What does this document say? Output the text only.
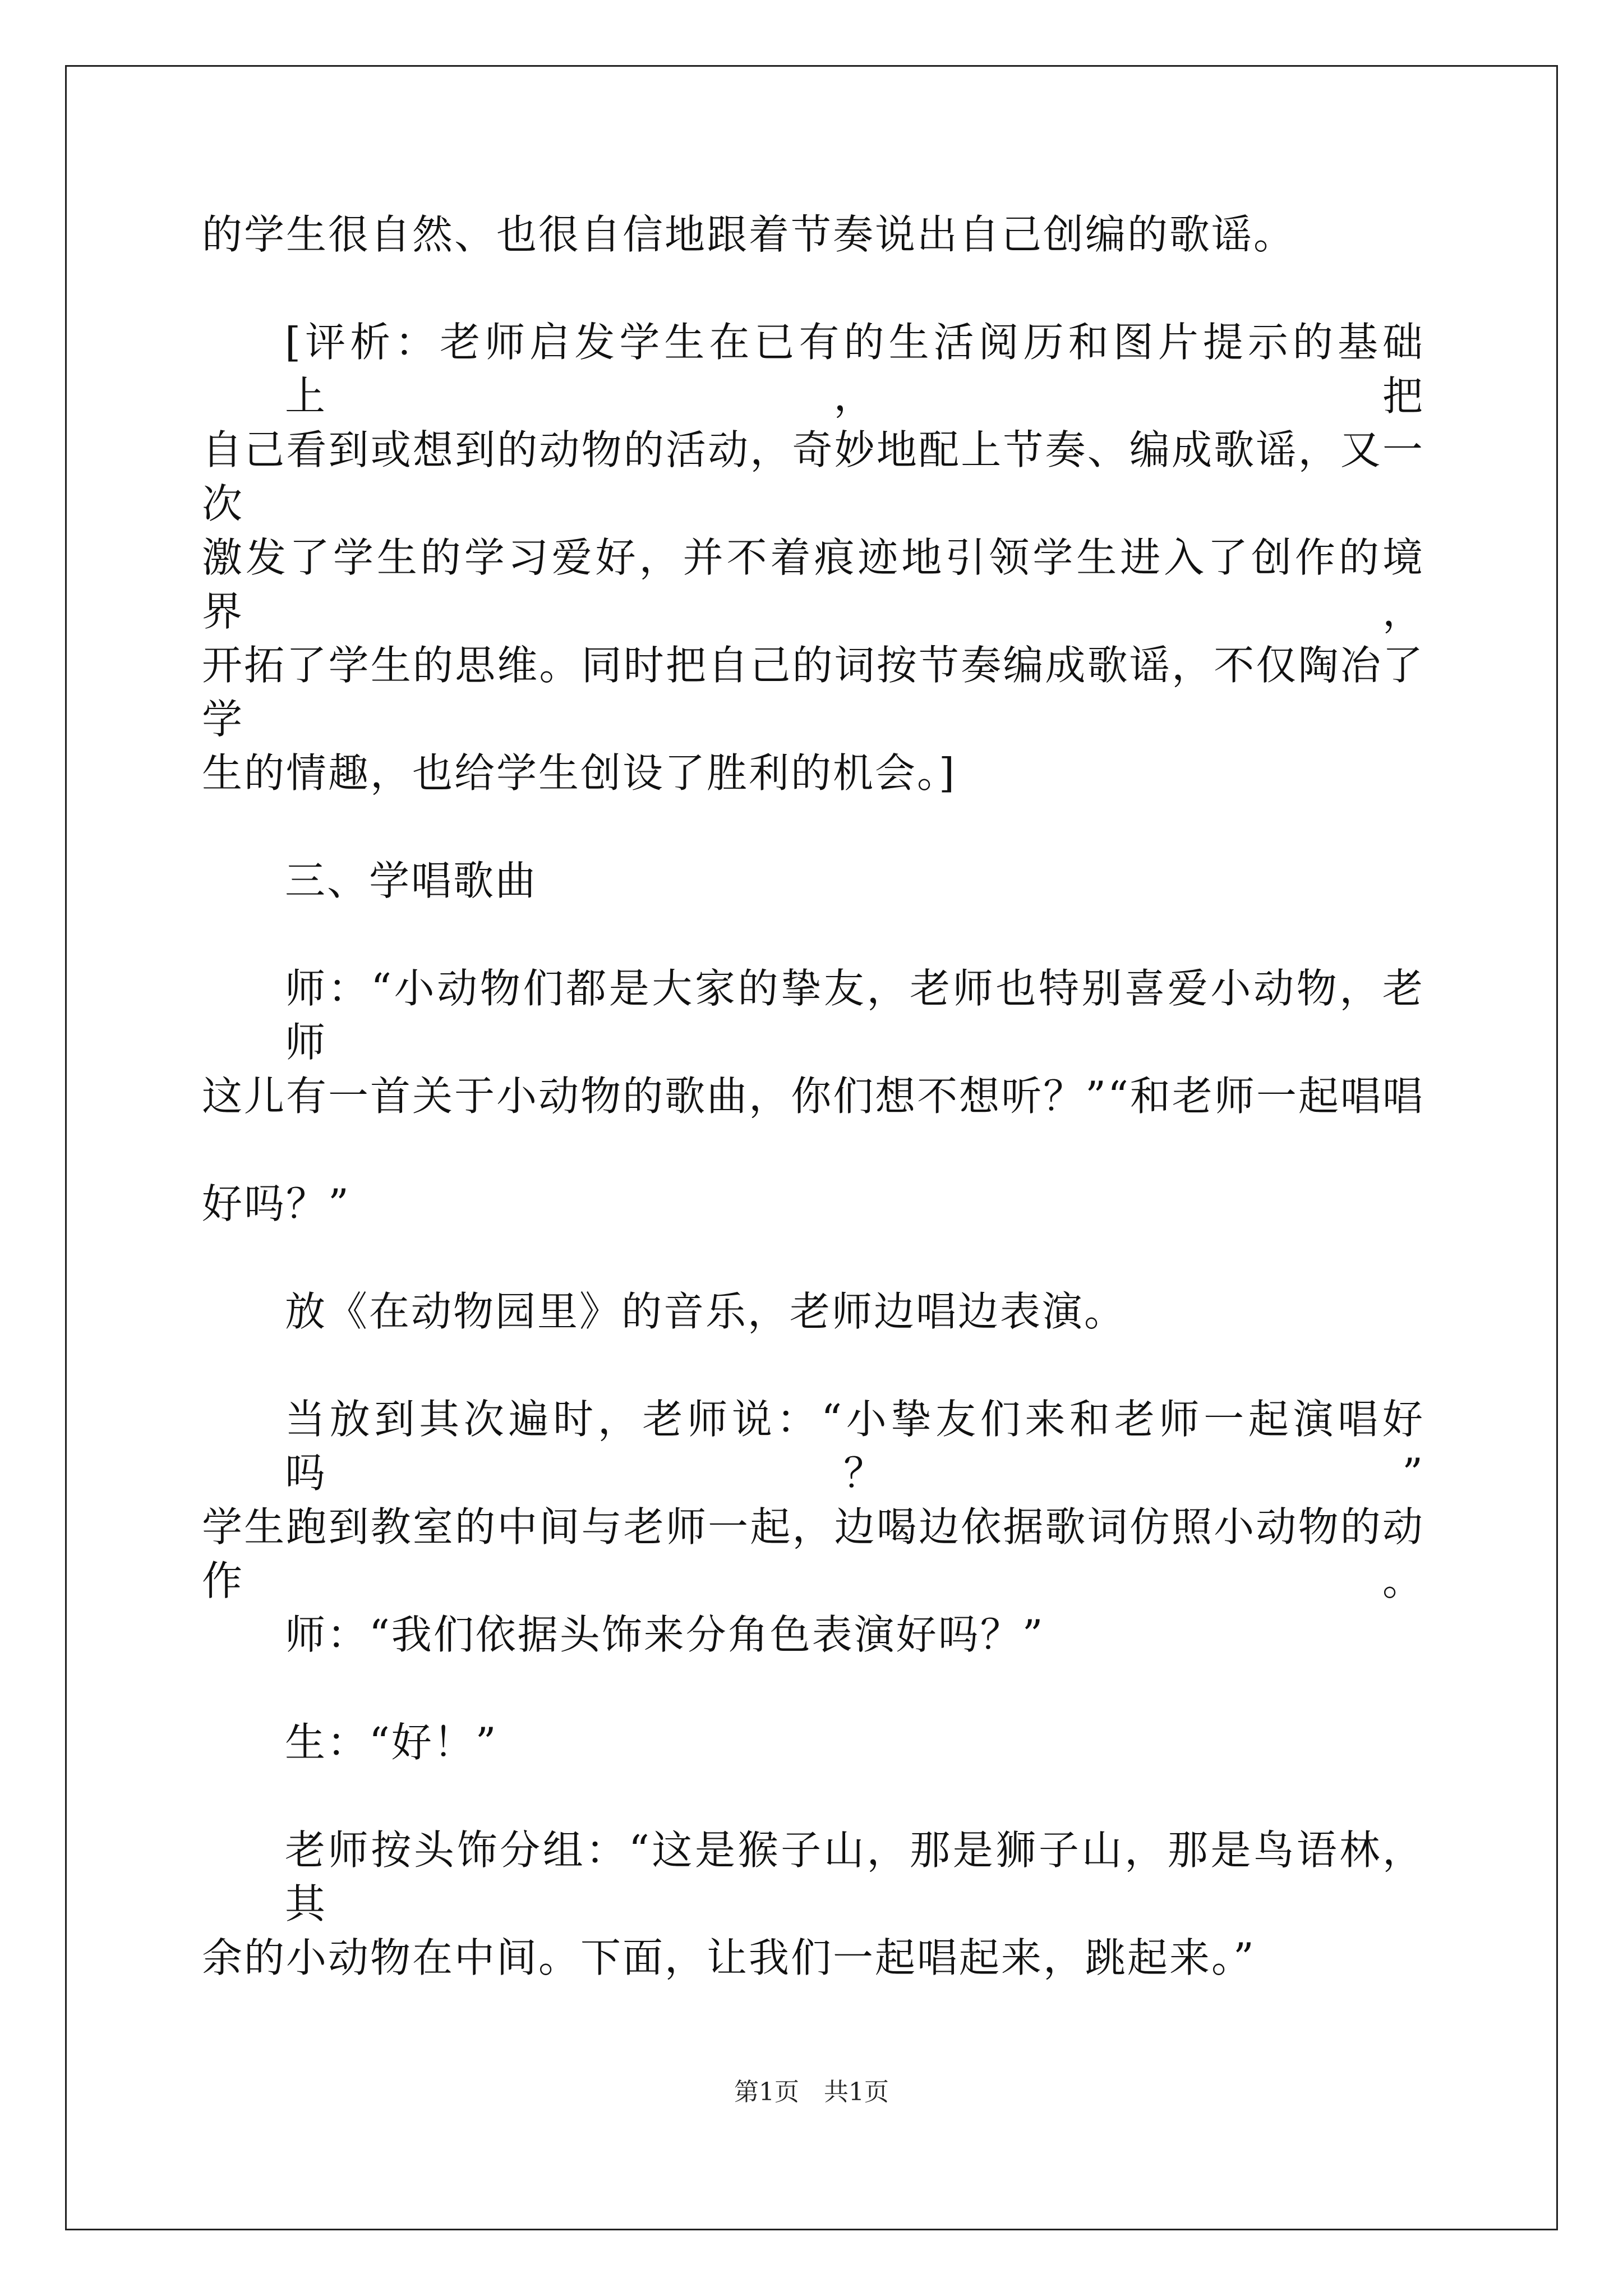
的学生很自然、也很自信地跟着节奏说出自己创编的歌谣。
[评析：老师启发学生在已有的生活阅历和图片提示的基础上，把
自己看到或想到的动物的活动，奇妙地配上节奏、编成歌谣，又一次
激发了学生的学习爱好，并不着痕迹地引领学生进入了创作的境界，
开拓了学生的思维。同时把自己的词按节奏编成歌谣，不仅陶冶了学
生的情趣，也给学生创设了胜利的机会。]
三、学唱歌曲
师：“小动物们都是大家的挚友，老师也特别喜爱小动物，老师
这儿有一首关于小动物的歌曲，你们想不想听？”“和老师一起唱唱
好吗？”
放《在动物园里》的音乐，老师边唱边表演。
当放到其次遍时，老师说：“小挚友们来和老师一起演唱好吗？”
学生跑到教室的中间与老师一起，边喝边依据歌词仿照小动物的动作。
师：“我们依据头饰来分角色表演好吗？”
生：“好！”
老师按头饰分组：“这是猴子山，那是狮子山，那是鸟语林，其
余的小动物在中间。下面，让我们一起唱起来，跳起来。”
第1页　共1页
